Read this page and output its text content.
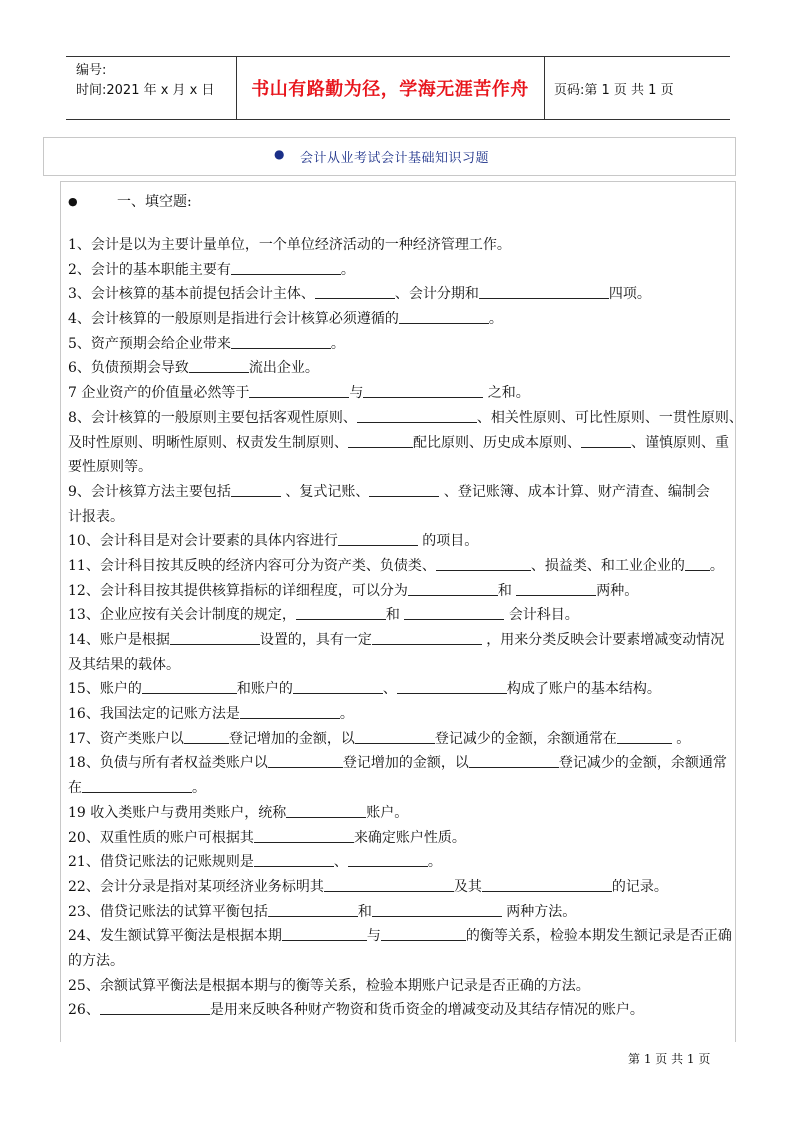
编号:
时间:2021 年 x 月 x 日	书山有路勤为径，学海无涯苦作舟	页码:第 1 页 共 1 页
● 会计从业考试会计基础知识习题
●	一、填空题:
1、会计是以为主要计量单位，一个单位经济活动的一种经济管理工作。
2、会计的基本职能主要有	。
3、会计核算的基本前提包括会计主体、	、会计分期和	四项。
4、会计核算的一般原则是指进行会计核算必须遵循的	。
5、资产预期会给企业带来	。
6、负债预期会导致	流出企业。
7 企业资产的价值量必然等于	与	之和。
8、会计核算的一般原则主要包括客观性原则、	、相关性原则、可比性原则、一贯性原则、
及时性原则、明晰性原则、权责发生制原则、	配比原则、历史成本原则、	、谨慎原则、重
要性原则等。
9、会计核算方法主要包括	、复式记账、	、登记账簿、成本计算、财产清查、编制会
计报表。
10、会计科目是对会计要素的具体内容进行	的项目。
11、会计科目按其反映的经济内容可分为资产类、负债类、	、损益类、和工业企业的 。
12、会计科目按其提供核算指标的详细程度，可以分为	和	两种。
13、企业应按有关会计制度的规定，	和	会计科目。
14、账户是根据	设置的，具有一定	，用来分类反映会计要素增减变动情况
及其结果的载体。
15、账户的	和账户的	、	构成了账户的基本结构。
16、我国法定的记账方法是	。
17、资产类账户以	登记增加的金额，以	登记减少的金额，余额通常在	。
18、负债与所有者权益类账户以	登记增加的金额，以	登记减少的金额，余额通常
在	。
19 收入类账户与费用类账户，统称	账户。
20、双重性质的账户可根据其	来确定账户性质。
21、借贷记账法的记账规则是	、	。
22、会计分录是指对某项经济业务标明其	及其	的记录。
23、借贷记账法的试算平衡包括	和	两种方法。
24、发生额试算平衡法是根据本期	与	的衡等关系，检验本期发生额记录是否正确
的方法。
25、余额试算平衡法是根据本期与的衡等关系，检验本期账户记录是否正确的方法。
26、	是用来反映各种财产物资和货币资金的增减变动及其结存情况的账户。
第 1 页 共 1 页
